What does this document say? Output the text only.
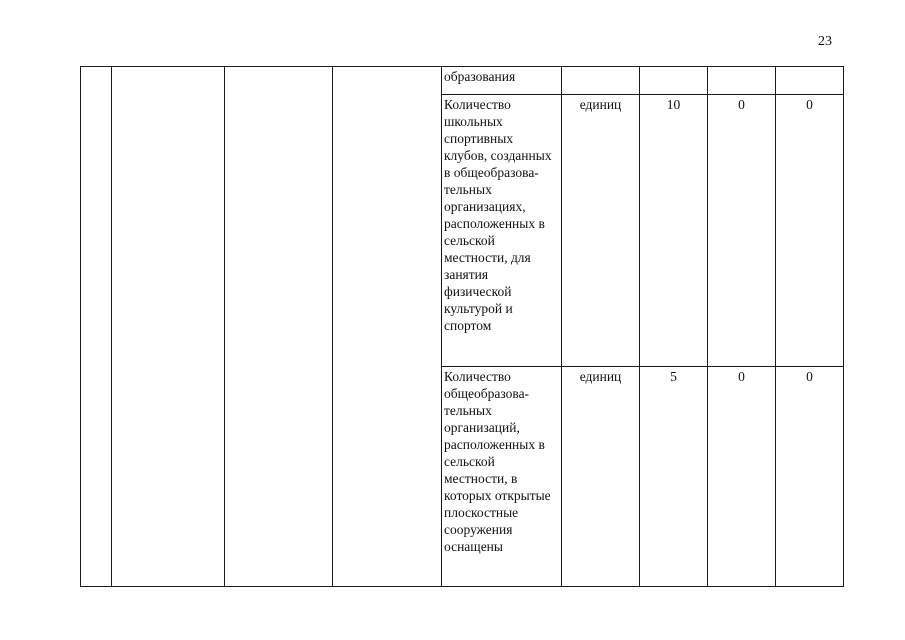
23

				образования				

				Количество школьных спортивных клубов, созданных в общеобразова-тельных организациях, расположенных в сельской местности, для занятия физической культурой и спортом	единиц	10	0	0

				Количество общеобразова-тельных организаций, расположенных в сельской местности, в которых открытые плоскостные сооружения оснащены	единиц	5	0	0
